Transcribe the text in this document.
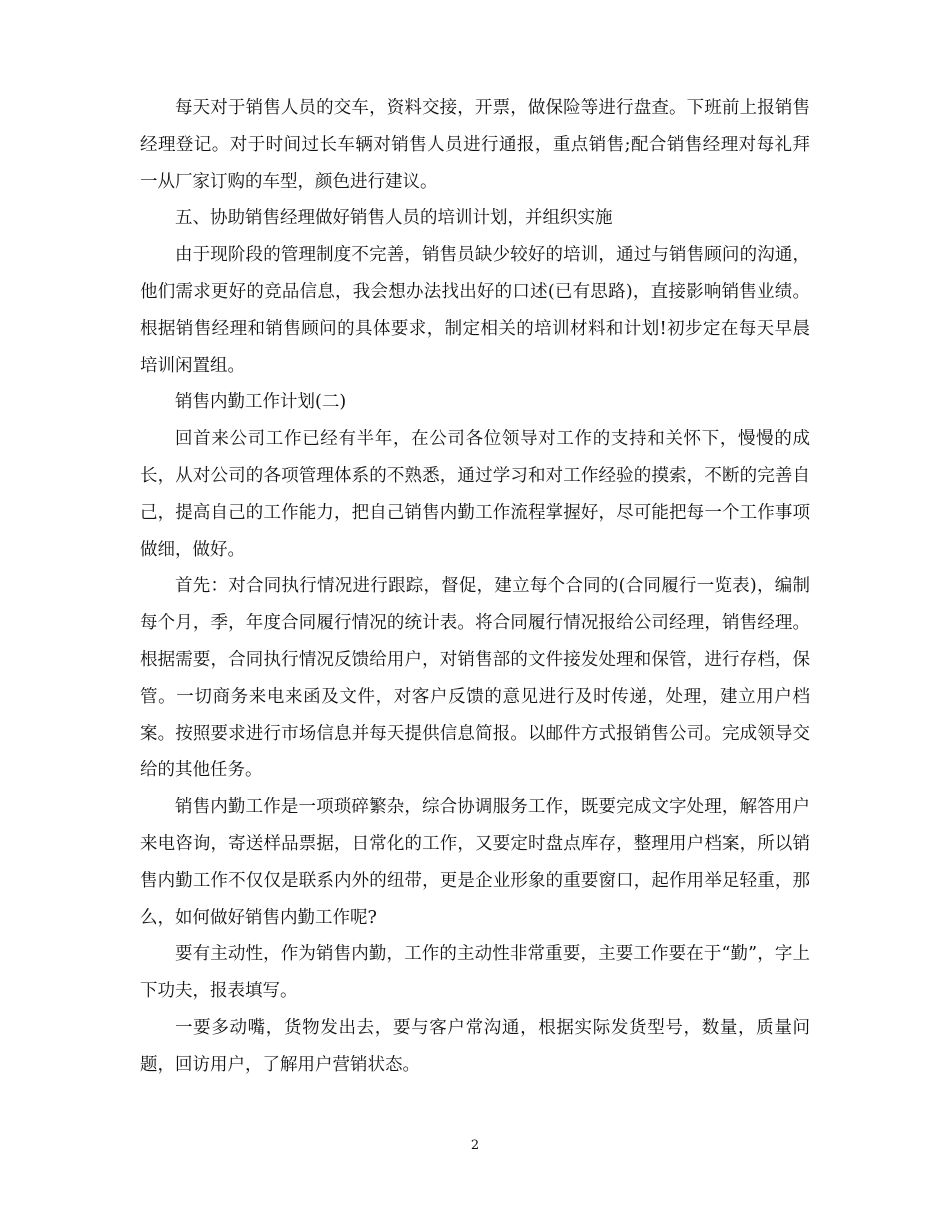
每天对于销售人员的交车，资料交接，开票，做保险等进行盘查。下班前上报销售经理登记。对于时间过长车辆对销售人员进行通报，重点销售;配合销售经理对每礼拜一从厂家订购的车型，颜色进行建议。

五、协助销售经理做好销售人员的培训计划，并组织实施

由于现阶段的管理制度不完善，销售员缺少较好的培训，通过与销售顾问的沟通，他们需求更好的竞品信息，我会想办法找出好的口述(已有思路)，直接影响销售业绩。根据销售经理和销售顾问的具体要求，制定相关的培训材料和计划!初步定在每天早晨培训闲置组。

销售内勤工作计划(二)

回首来公司工作已经有半年，在公司各位领导对工作的支持和关怀下，慢慢的成长，从对公司的各项管理体系的不熟悉，通过学习和对工作经验的摸索，不断的完善自己，提高自己的工作能力，把自己销售内勤工作流程掌握好，尽可能把每一个工作事项做细，做好。

首先：对合同执行情况进行跟踪，督促，建立每个合同的(合同履行一览表)，编制每个月，季，年度合同履行情况的统计表。将合同履行情况报给公司经理，销售经理。根据需要，合同执行情况反馈给用户，对销售部的文件接发处理和保管，进行存档，保管。一切商务来电来函及文件，对客户反馈的意见进行及时传递，处理，建立用户档案。按照要求进行市场信息并每天提供信息简报。以邮件方式报销售公司。完成领导交给的其他任务。

销售内勤工作是一项琐碎繁杂，综合协调服务工作，既要完成文字处理，解答用户来电咨询，寄送样品票据，日常化的工作，又要定时盘点库存，整理用户档案，所以销售内勤工作不仅仅是联系内外的纽带，更是企业形象的重要窗口，起作用举足轻重，那么，如何做好销售内勤工作呢?

要有主动性，作为销售内勤，工作的主动性非常重要，主要工作要在于“勤”，字上下功夫，报表填写。

一要多动嘴，货物发出去，要与客户常沟通，根据实际发货型号，数量，质量问题，回访用户，了解用户营销状态。

2
